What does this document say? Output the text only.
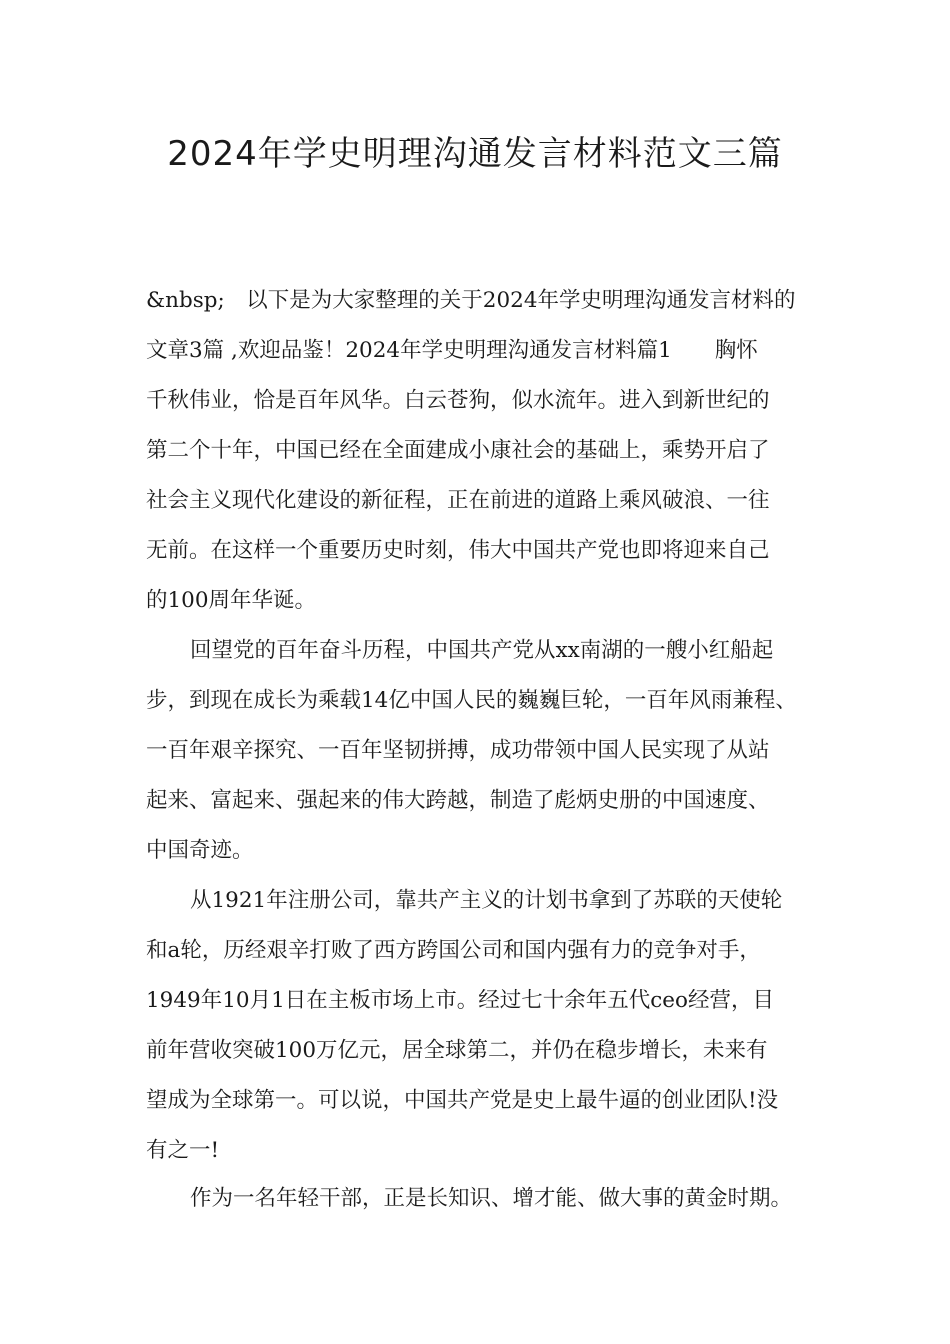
2024年学史明理沟通发言材料范文三篇
&nbsp;　以下是为大家整理的关于2024年学史明理沟通发言材料的
文章3篇 ,欢迎品鉴！2024年学史明理沟通发言材料篇1　　胸怀
千秋伟业，恰是百年风华。白云苍狗，似水流年。进入到新世纪的
第二个十年，中国已经在全面建成小康社会的基础上，乘势开启了
社会主义现代化建设的新征程，正在前进的道路上乘风破浪、一往
无前。在这样一个重要历史时刻，伟大中国共产党也即将迎来自己
的100周年华诞。
回望党的百年奋斗历程，中国共产党从xx南湖的一艘小红船起
步，到现在成长为乘载14亿中国人民的巍巍巨轮，一百年风雨兼程、
一百年艰辛探究、一百年坚韧拼搏，成功带领中国人民实现了从站
起来、富起来、强起来的伟大跨越，制造了彪炳史册的中国速度、
中国奇迹。
从1921年注册公司，靠共产主义的计划书拿到了苏联的天使轮
和a轮，历经艰辛打败了西方跨国公司和国内强有力的竞争对手，
1949年10月1日在主板市场上市。经过七十余年五代ceo经营，目
前年营收突破100万亿元，居全球第二，并仍在稳步增长，未来有
望成为全球第一。可以说，中国共产党是史上最牛逼的创业团队!没
有之一!
作为一名年轻干部，正是长知识、增才能、做大事的黄金时期。
